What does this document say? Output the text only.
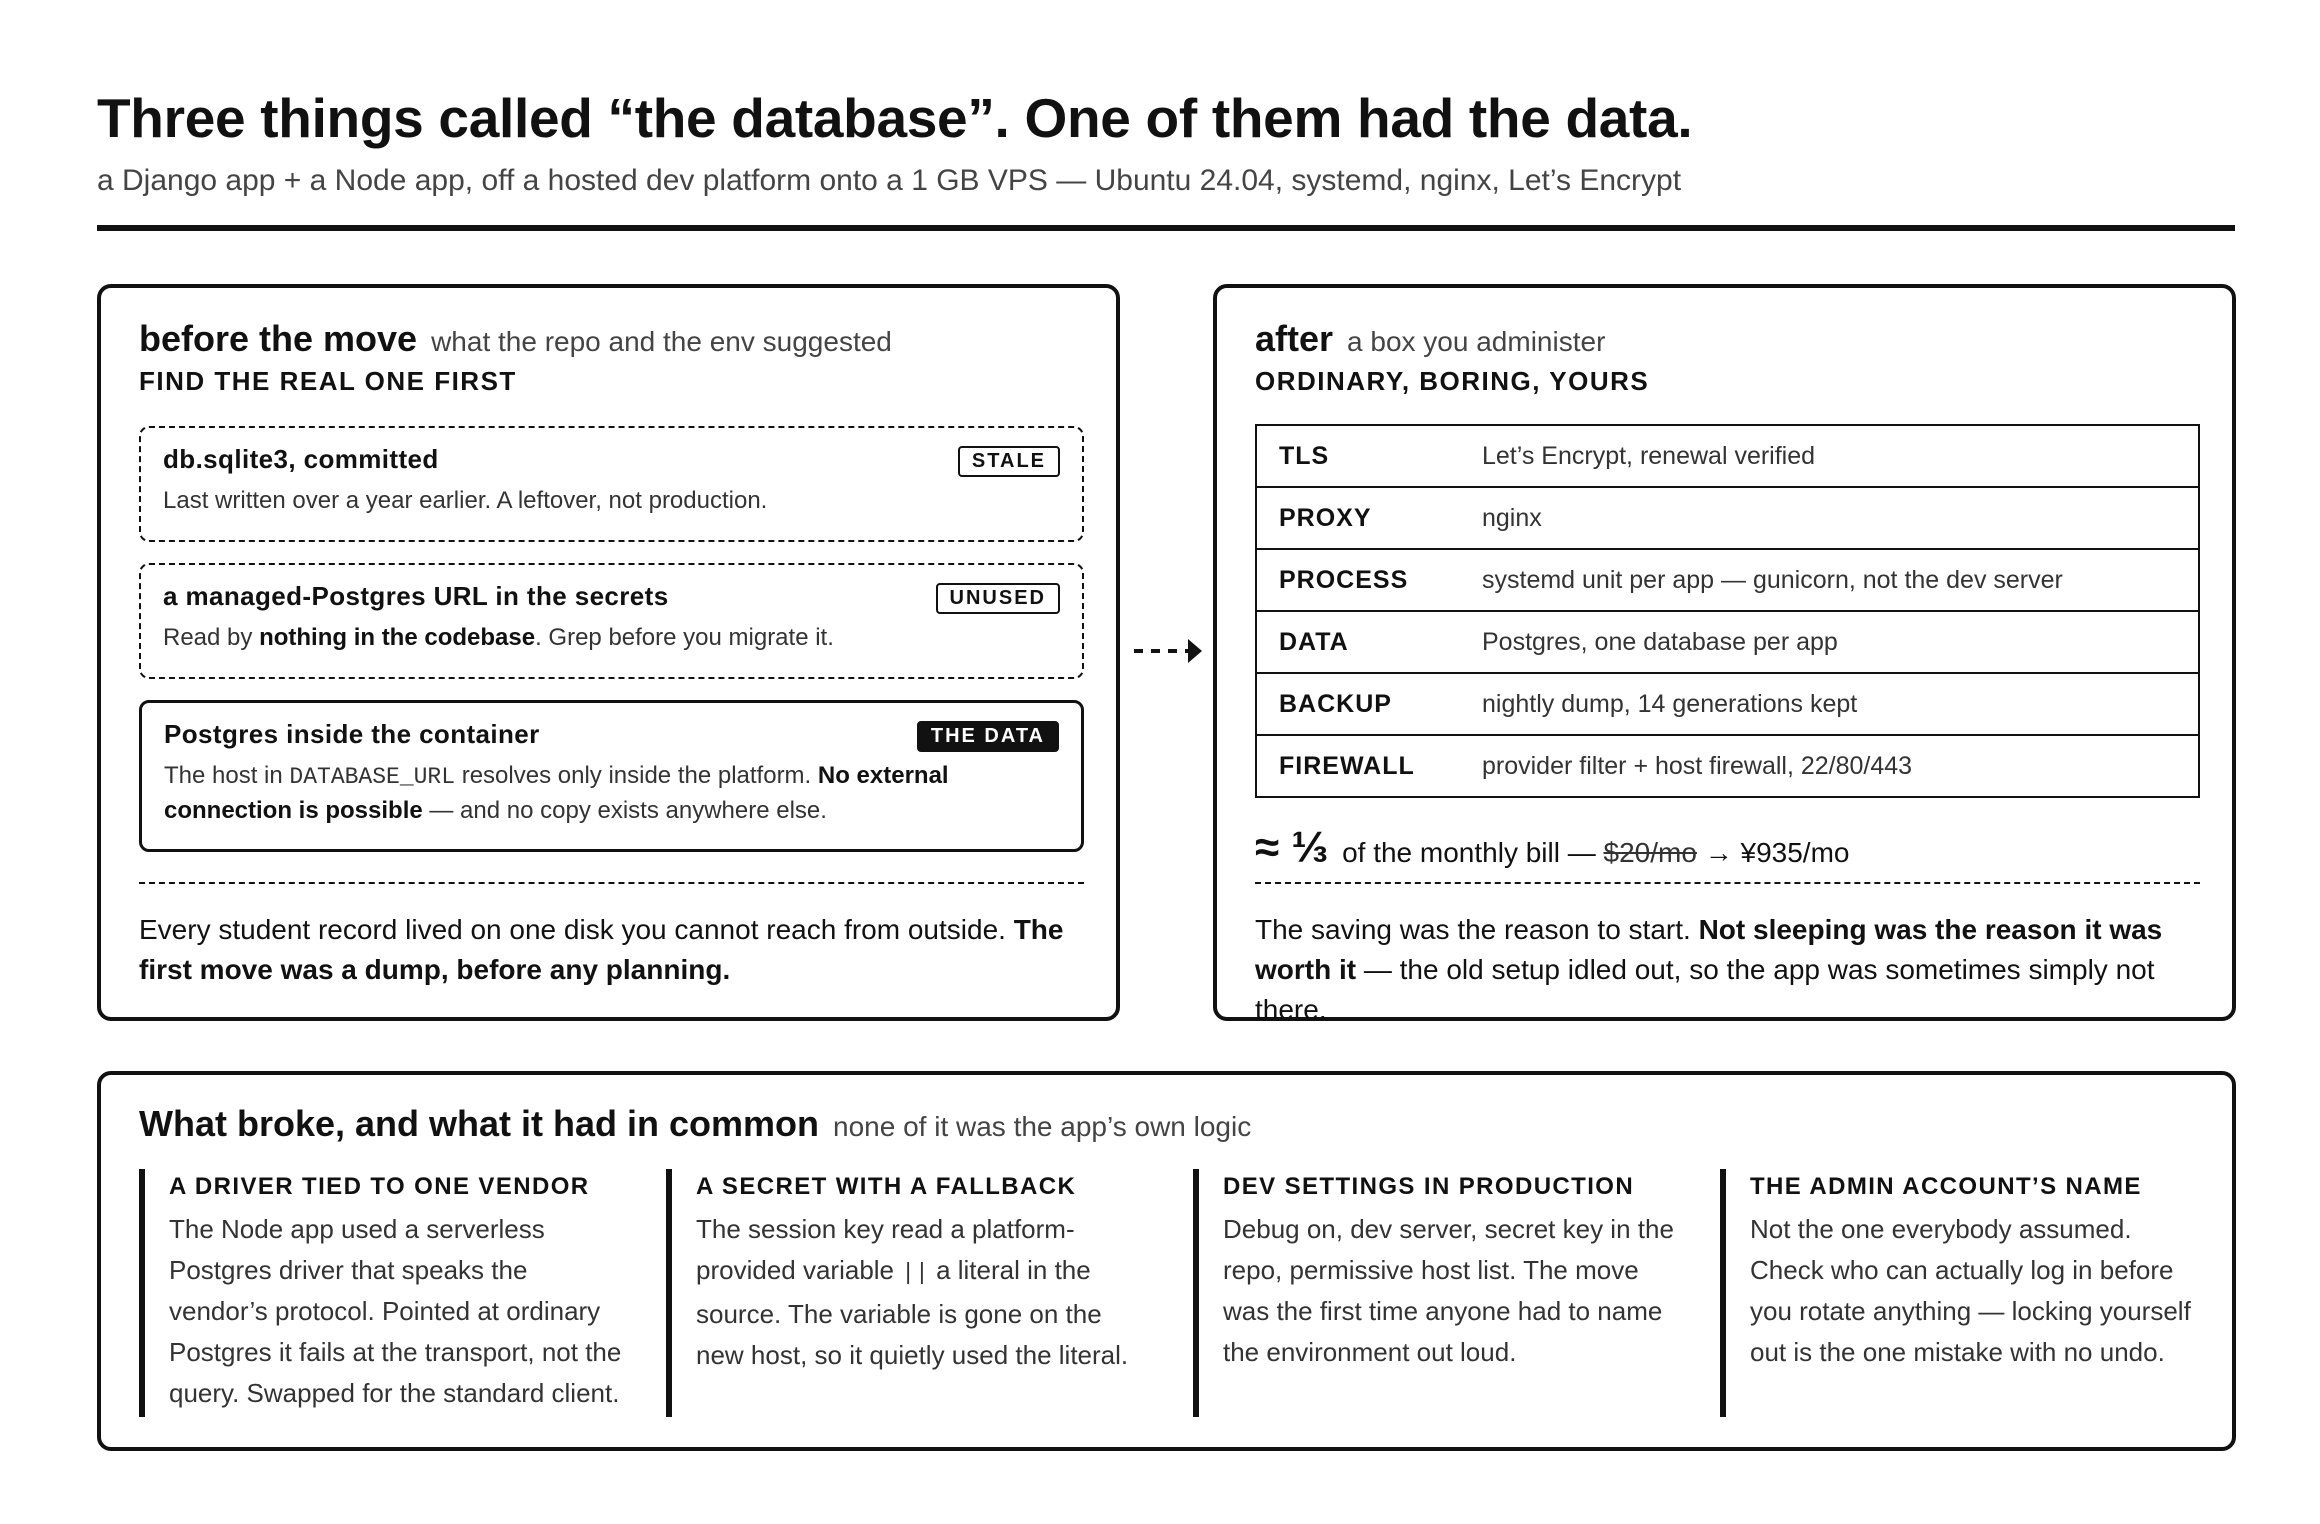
Three things called “the database”. One of them had the data.
a Django app + a Node app, off a hosted dev platform onto a 1 GB VPS — Ubuntu 24.04, systemd, nginx, Let’s Encrypt
before the move what the repo and the env suggested
FIND THE REAL ONE FIRST
db.sqlite3, committed	STALE
Last written over a year earlier. A leftover, not production.
a managed-Postgres URL in the secrets	UNUSED
Read by nothing in the codebase. Grep before you migrate it.
Postgres inside the container	THE DATA
The host in DATABASE_URL resolves only inside the platform. No external connection is possible — and no copy exists anywhere else.
Every student record lived on one disk you cannot reach from outside. The first move was a dump, before any planning.
after a box you administer
ORDINARY, BORING, YOURS
TLS	Let’s Encrypt, renewal verified
PROXY	nginx
PROCESS	systemd unit per app — gunicorn, not the dev server
DATA	Postgres, one database per app
BACKUP	nightly dump, 14 generations kept
FIREWALL	provider filter + host firewall, 22/80/443
≈ ⅓ of the monthly bill — $20/mo → ¥935/mo
The saving was the reason to start. Not sleeping was the reason it was worth it — the old setup idled out, so the app was sometimes simply not there.
What broke, and what it had in common none of it was the app’s own logic
A DRIVER TIED TO ONE VENDOR
The Node app used a serverless Postgres driver that speaks the vendor’s protocol. Pointed at ordinary Postgres it fails at the transport, not the query. Swapped for the standard client.
A SECRET WITH A FALLBACK
The session key read a platform-provided variable || a literal in the source. The variable is gone on the new host, so it quietly used the literal.
DEV SETTINGS IN PRODUCTION
Debug on, dev server, secret key in the repo, permissive host list. The move was the first time anyone had to name the environment out loud.
THE ADMIN ACCOUNT’S NAME
Not the one everybody assumed. Check who can actually log in before you rotate anything — locking yourself out is the one mistake with no undo.
